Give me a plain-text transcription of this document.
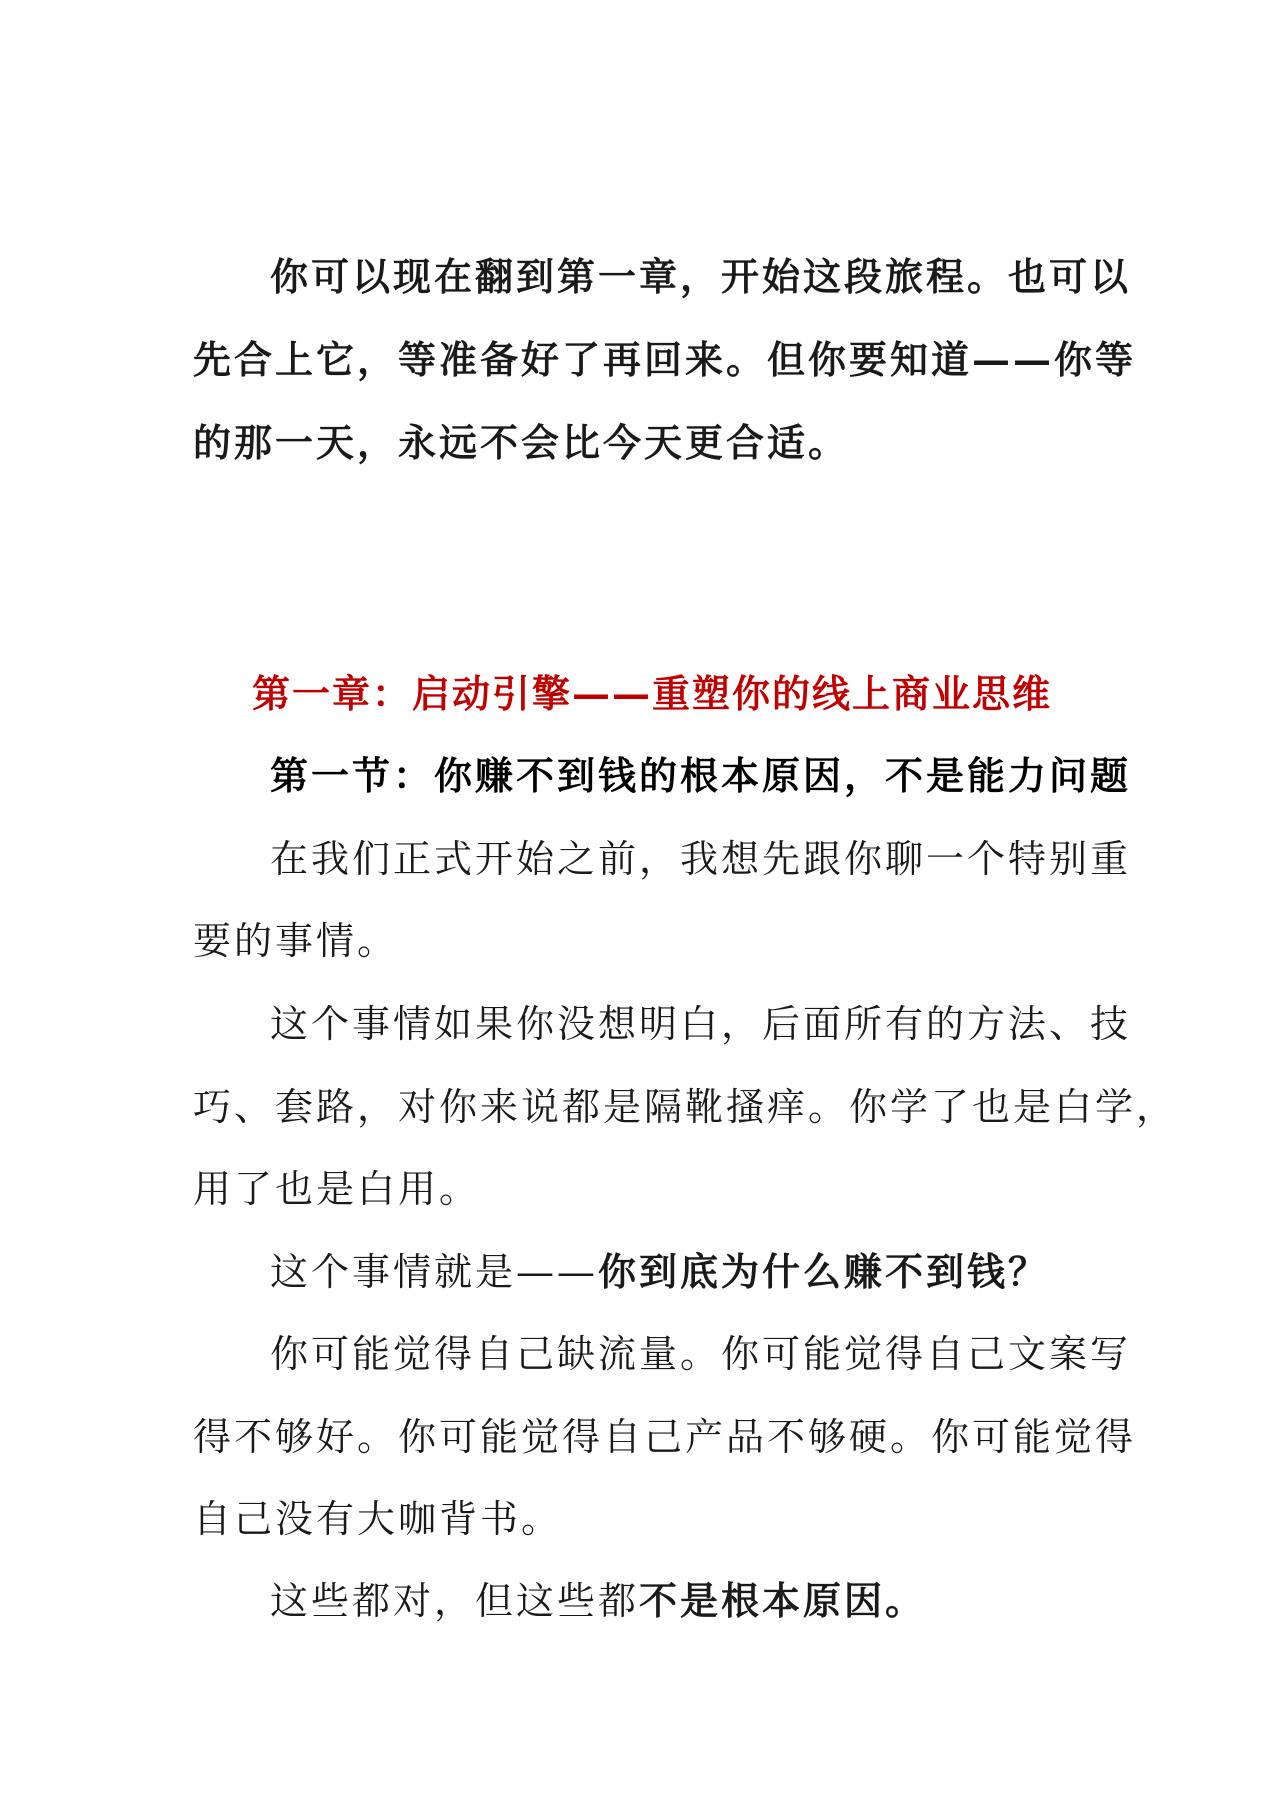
你可以现在翻到第一章，开始这段旅程。也可以
先合上它，等准备好了再回来。但你要知道——你等
的那一天，永远不会比今天更合适。
第一章：启动引擎——重塑你的线上商业思维
第一节：你赚不到钱的根本原因，不是能力问题
在我们正式开始之前，我想先跟你聊一个特别重
要的事情。
这个事情如果你没想明白，后面所有的方法、技
巧、套路，对你来说都是隔靴搔痒。你学了也是白学，
用了也是白用。
这个事情就是——你到底为什么赚不到钱？
你可能觉得自己缺流量。你可能觉得自己文案写
得不够好。你可能觉得自己产品不够硬。你可能觉得
自己没有大咖背书。
这些都对，但这些都不是根本原因。
